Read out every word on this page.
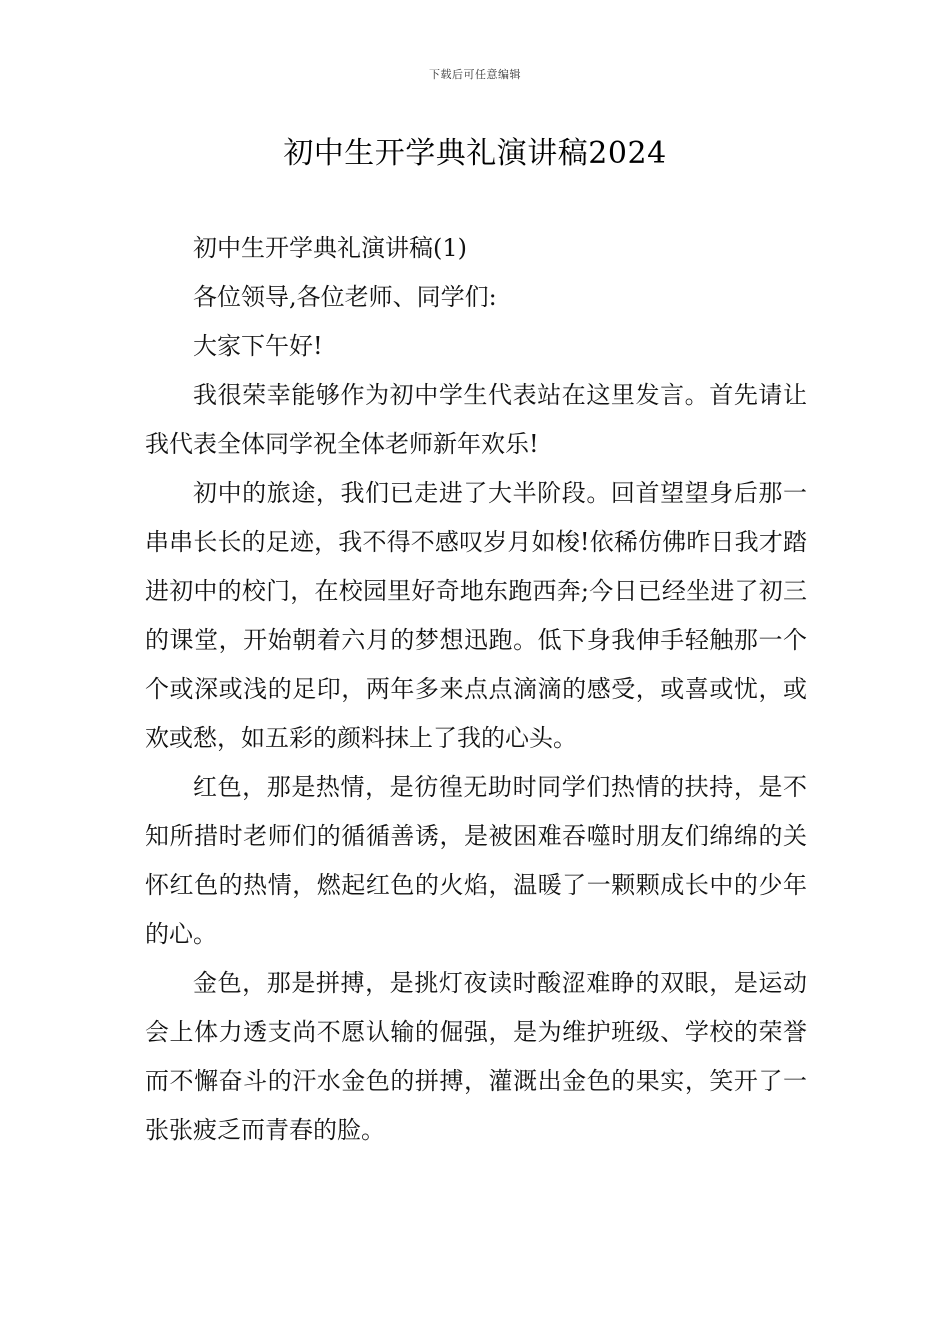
下载后可任意编辑
初中生开学典礼演讲稿2024

初中生开学典礼演讲稿(1)

各位领导,各位老师、同学们:

大家下午好!

我很荣幸能够作为初中学生代表站在这里发言。首先请让我代表全体同学祝全体老师新年欢乐!

初中的旅途，我们已走进了大半阶段。回首望望身后那一串串长长的足迹，我不得不感叹岁月如梭!依稀仿佛昨日我才踏进初中的校门，在校园里好奇地东跑西奔;今日已经坐进了初三的课堂，开始朝着六月的梦想迅跑。低下身我伸手轻触那一个个或深或浅的足印，两年多来点点滴滴的感受，或喜或忧，或欢或愁，如五彩的颜料抹上了我的心头。

红色，那是热情，是彷徨无助时同学们热情的扶持，是不知所措时老师们的循循善诱，是被困难吞噬时朋友们绵绵的关怀红色的热情，燃起红色的火焰，温暖了一颗颗成长中的少年的心。

金色，那是拼搏，是挑灯夜读时酸涩难睁的双眼，是运动会上体力透支尚不愿认输的倔强，是为维护班级、学校的荣誉而不懈奋斗的汗水金色的拼搏，灌溉出金色的果实，笑开了一张张疲乏而青春的脸。
